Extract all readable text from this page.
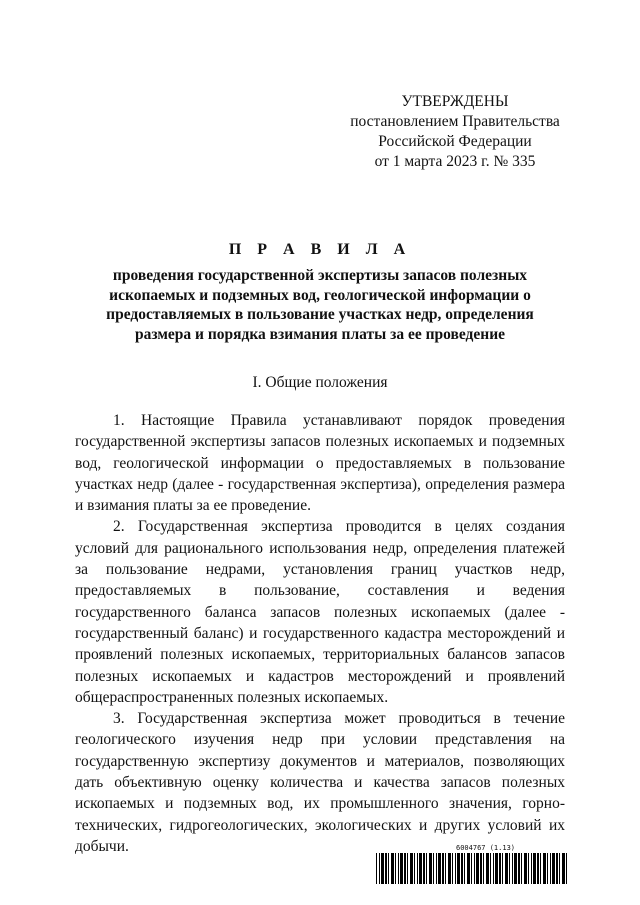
УТВЕРЖДЕНЫ
постановлением Правительства
Российской Федерации
от 1 марта 2023 г. № 335
П Р А В И Л А
проведения государственной экспертизы запасов полезных ископаемых и подземных вод, геологической информации о предоставляемых в пользование участках недр, определения размера и порядка взимания платы за ее проведение
I. Общие положения

1. Настоящие Правила устанавливают порядок проведения государственной экспертизы запасов полезных ископаемых и подземных вод, геологической информации о предоставляемых в пользование участках недр (далее - государственная экспертиза), определения размера и взимания платы за ее проведение.

2. Государственная экспертиза проводится в целях создания условий для рационального использования недр, определения платежей за пользование недрами, установления границ участков недр, предоставляемых в пользование, составления и ведения государственного баланса запасов полезных ископаемых (далее - государственный баланс) и государственного кадастра месторождений и проявлений полезных ископаемых, территориальных балансов запасов полезных ископаемых и кадастров месторождений и проявлений общераспространенных полезных ископаемых.

3. Государственная экспертиза может проводиться в течение геологического изучения недр при условии представления на государственную экспертизу документов и материалов, позволяющих дать объективную оценку количества и качества запасов полезных ископаемых и подземных вод, их промышленного значения, горно-технических, гидрогеологических, экологических и других условий их добычи.	6004767 (1.13)
